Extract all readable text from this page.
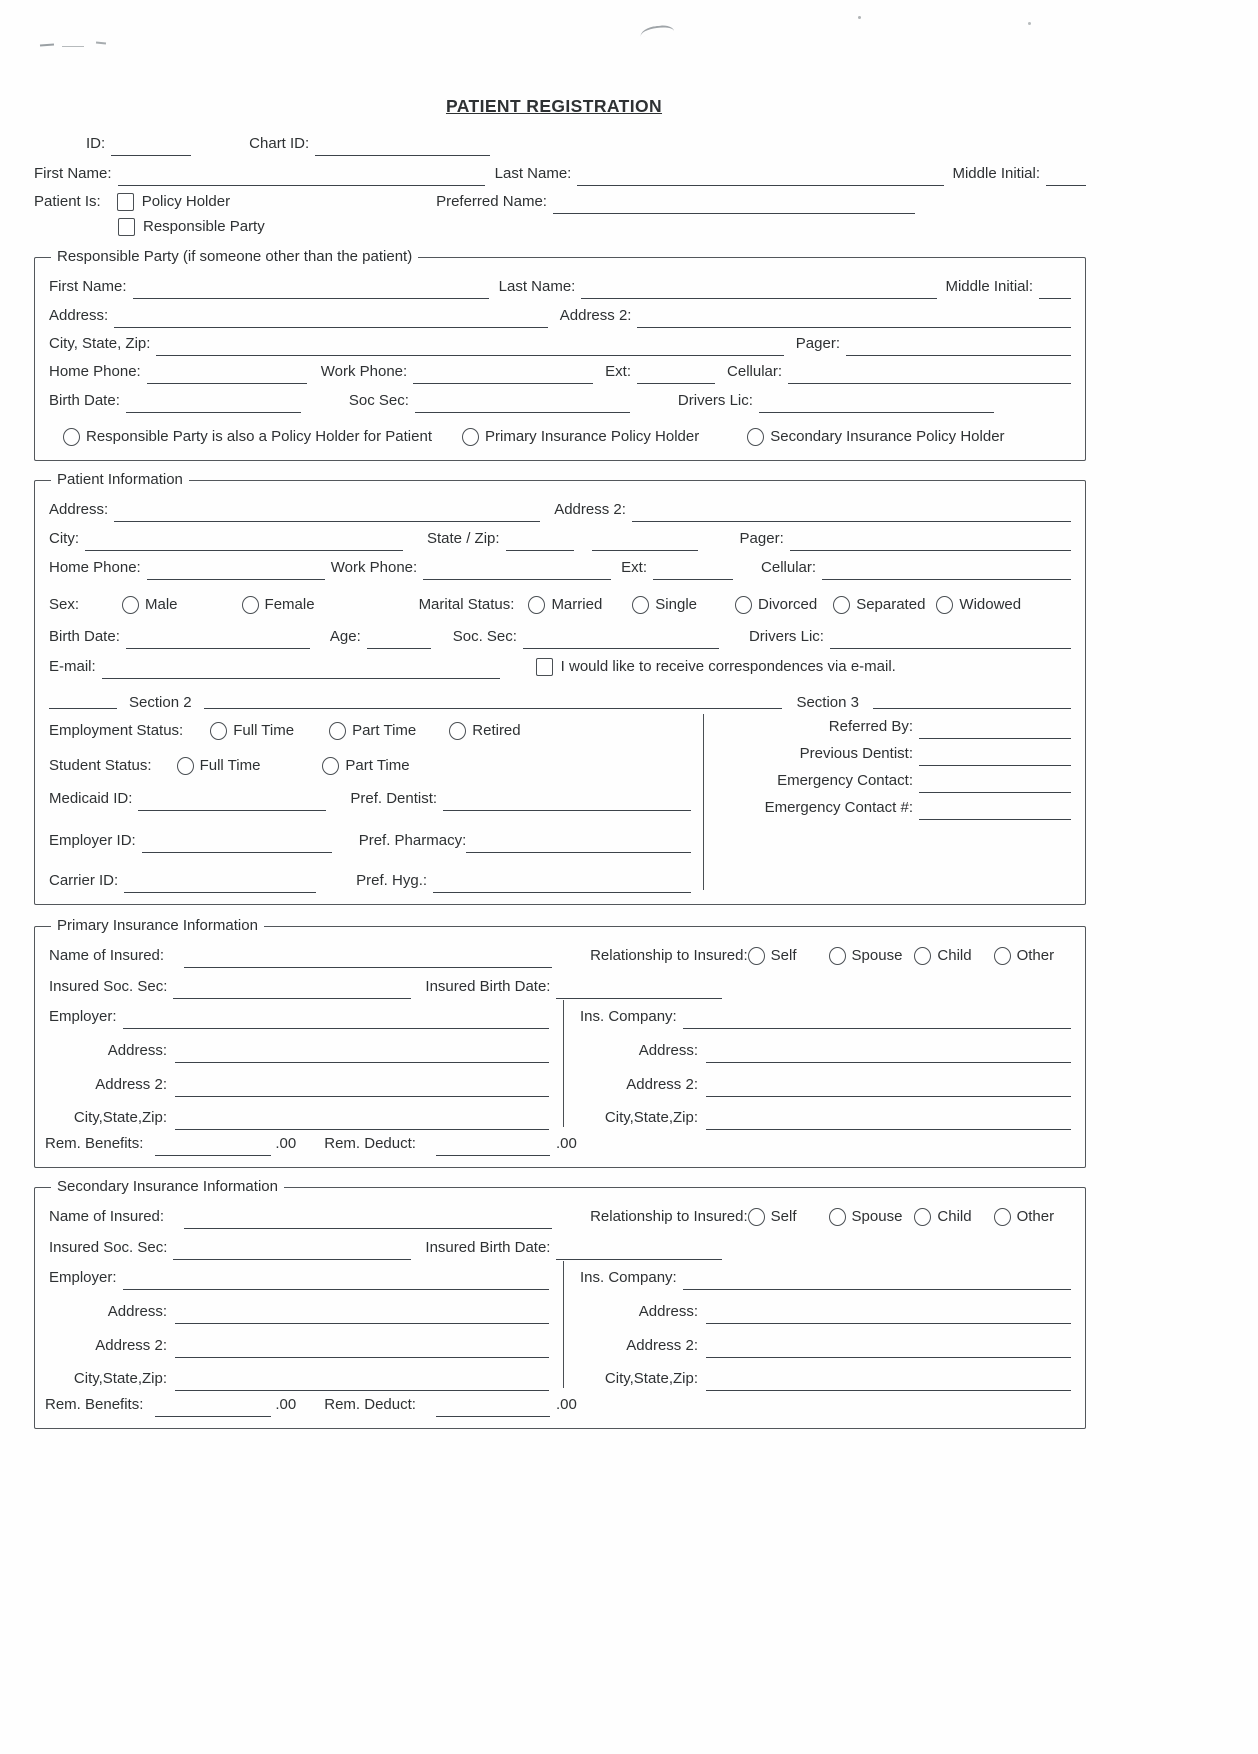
PATIENT REGISTRATION
ID:	Chart ID:
First Name:	Last Name:	Middle Initial:
Patient Is:	Policy Holder	Preferred Name:
Responsible Party
Responsible Party (if someone other than the patient)
First Name:	Last Name:	Middle Initial:
Address:	Address 2:
City, State, Zip:	Pager:
Home Phone:	Work Phone:	Ext:	Cellular:
Birth Date:	Soc Sec:	Drivers Lic:
Responsible Party is also a Policy Holder for Patient	Primary Insurance Policy Holder	Secondary Insurance Policy Holder
Patient Information
Address:	Address 2:
City:	State / Zip:	Pager:
Home Phone:	Work Phone:	Ext:	Cellular:
Sex:	Male	Female	Marital Status:	Married	Single	Divorced	Separated	Widowed
Birth Date:	Age:	Soc. Sec:	Drivers Lic:
E-mail:	I would like to receive correspondences via e-mail.
Section 2	Section 3
Employment Status:	Full Time	Part Time	Retired
Student Status:	Full Time	Part Time
Medicaid ID:	Pref. Dentist:
Employer ID:	Pref. Pharmacy:
Carrier ID:	Pref. Hyg.:
Referred By:
Previous Dentist:
Emergency Contact:
Emergency Contact #:
Primary Insurance Information
Name of Insured:	Relationship to Insured:	Self	Spouse	Child	Other
Insured Soc. Sec:	Insured Birth Date:
Employer:
Address:
Address 2:
City,State,Zip:
Ins. Company:
Address:
Address 2:
City,State,Zip:
Rem. Benefits:	.00	Rem. Deduct:	.00
Secondary Insurance Information
Name of Insured:	Relationship to Insured:	Self	Spouse	Child	Other
Insured Soc. Sec:	Insured Birth Date:
Employer:
Address:
Address 2:
City,State,Zip:
Ins. Company:
Address:
Address 2:
City,State,Zip:
Rem. Benefits:	.00	Rem. Deduct:	.00
